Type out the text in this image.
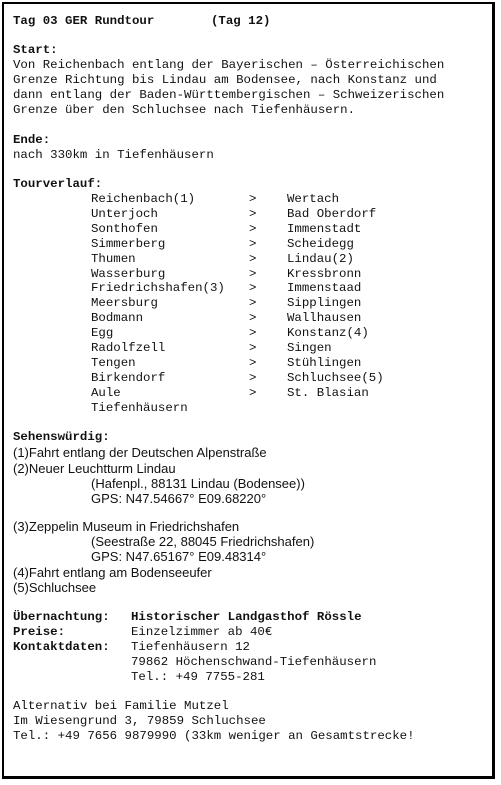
Tag 03 GER Rundtour	(Tag 12)
Start:
Von Reichenbach entlang der Bayerischen – Österreichischen
Grenze Richtung bis Lindau am Bodensee, nach Konstanz und
dann entlang der Baden-Württembergischen – Schweizerischen
Grenze über den Schluchsee nach Tiefenhäusern.
Ende:
nach 330km in Tiefenhäusern
Tourverlauf:
Reichenbach(1)	> Wertach
Unterjoch	> Bad Oberdorf
Sonthofen	> Immenstadt
Simmerberg	> Scheidegg
Thumen	> Lindau(2)
Wasserburg	> Kressbronn
Friedrichshafen(3) > Immenstaad
Meersburg	> Sipplingen
Bodmann	> Wallhausen
Egg	> Konstanz(4)
Radolfzell	> Singen
Tengen	> Stühlingen
Birkendorf	> Schluchsee(5)
Aule	> St. Blasian
Tiefenhäusern
Sehenswürdig:
(1)Fahrt entlang der Deutschen Alpenstraße
(2)Neuer Leuchtturm Lindau
(Hafenpl., 88131 Lindau (Bodensee))
GPS: N47.54667° E09.68220°
(3)Zeppelin Museum in Friedrichshafen
(Seestraße 22, 88045 Friedrichshafen)
GPS: N47.65167° E09.48314°
(4)Fahrt entlang am Bodenseeufer
(5)Schluchsee
Übernachtung: Historischer Landgasthof Rössle
Preise:	Einzelzimmer ab 40€
Kontaktdaten: Tiefenhäusern 12
79862 Höchenschwand-Tiefenhäusern
Tel.: +49 7755-281
Alternativ bei Familie Mutzel
Im Wiesengrund 3, 79859 Schluchsee
Tel.: +49 7656 9879990 (33km weniger an Gesamtstrecke!
